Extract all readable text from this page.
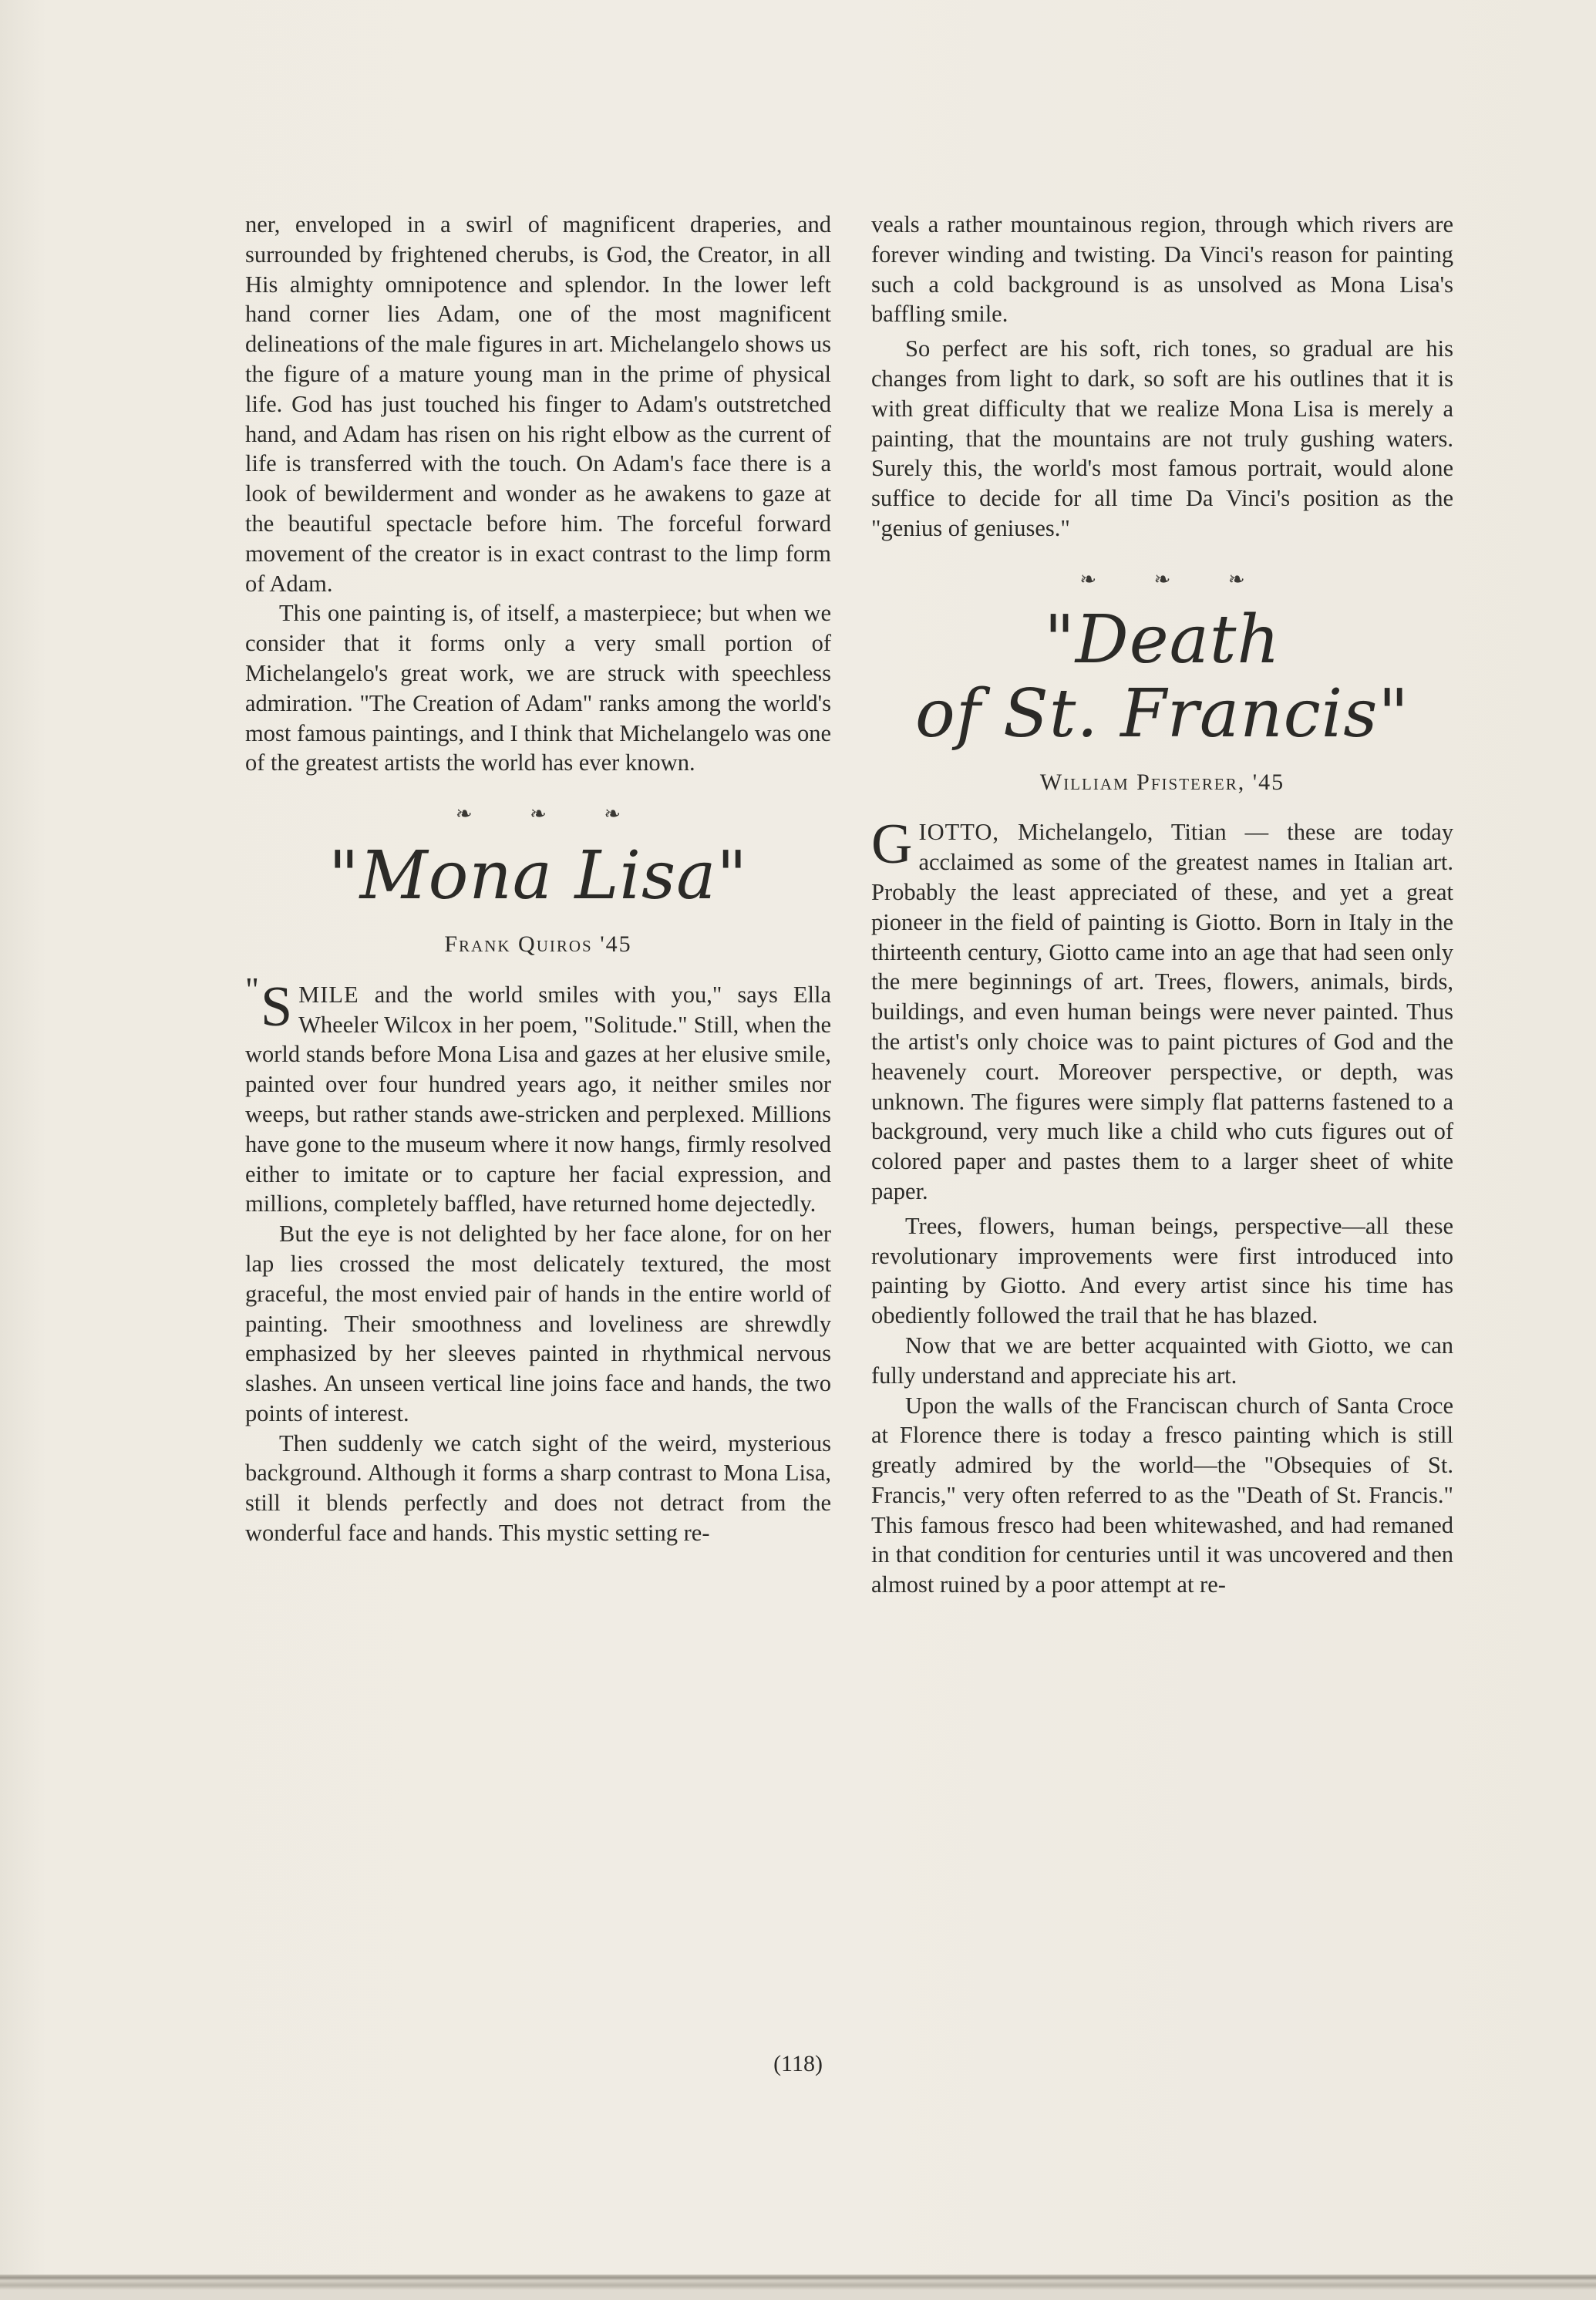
ner, enveloped in a swirl of magnificent draperies, and surrounded by frightened cherubs, is God, the Creator, in all His almighty omnipotence and splendor. In the lower left hand corner lies Adam, one of the most magnificent delineations of the male figures in art. Michelangelo shows us the figure of a mature young man in the prime of physical life. God has just touched his finger to Adam's outstretched hand, and Adam has risen on his right elbow as the current of life is transferred with the touch. On Adam's face there is a look of bewilderment and wonder as he awakens to gaze at the beautiful spectacle before him. The forceful forward movement of the creator is in exact contrast to the limp form of Adam.

This one painting is, of itself, a masterpiece; but when we consider that it forms only a very small portion of Michelangelo's great work, we are struck with speechless admiration. "The Creation of Adam" ranks among the world's most famous paintings, and I think that Michelangelo was one of the greatest artists the world has ever known.

❧ ❧ ❧
"Mona Lisa"
Frank Quiros '45

" S MILE and the world smiles with you," says Ella Wheeler Wilcox in her poem, "Solitude." Still, when the world stands before Mona Lisa and gazes at her elusive smile, painted over four hundred years ago, it neither smiles nor weeps, but rather stands awe-stricken and perplexed. Millions have gone to the museum where it now hangs, firmly resolved either to imitate or to capture her facial expression, and millions, completely baffled, have returned home dejectedly.

But the eye is not delighted by her face alone, for on her lap lies crossed the most delicately textured, the most graceful, the most envied pair of hands in the entire world of painting. Their smoothness and loveliness are shrewdly emphasized by her sleeves painted in rhythmical nervous slashes. An unseen vertical line joins face and hands, the two points of interest.

Then suddenly we catch sight of the weird, mysterious background. Although it forms a sharp contrast to Mona Lisa, still it blends perfectly and does not detract from the wonderful face and hands. This mystic setting re-

veals a rather mountainous region, through which rivers are forever winding and twisting. Da Vinci's reason for painting such a cold background is as unsolved as Mona Lisa's baffling smile.

So perfect are his soft, rich tones, so gradual are his changes from light to dark, so soft are his outlines that it is with great difficulty that we realize Mona Lisa is merely a painting, that the mountains are not truly gushing waters. Surely this, the world's most famous portrait, would alone suffice to decide for all time Da Vinci's position as the "genius of geniuses."

❧ ❧ ❧
"Death
of St. Francis"
William Pfisterer, '45

GIOTTO, Michelangelo, Titian — these are today acclaimed as some of the greatest names in Italian art. Probably the least appreciated of these, and yet a great pioneer in the field of painting is Giotto. Born in Italy in the thirteenth century, Giotto came into an age that had seen only the mere beginnings of art. Trees, flowers, animals, birds, buildings, and even human beings were never painted. Thus the artist's only choice was to paint pictures of God and the heavenely court. Moreover perspective, or depth, was unknown. The figures were simply flat patterns fastened to a background, very much like a child who cuts figures out of colored paper and pastes them to a larger sheet of white paper.

Trees, flowers, human beings, perspective—all these revolutionary improvements were first introduced into painting by Giotto. And every artist since his time has obediently followed the trail that he has blazed.

Now that we are better acquainted with Giotto, we can fully understand and appreciate his art.

Upon the walls of the Franciscan church of Santa Croce at Florence there is today a fresco painting which is still greatly admired by the world—the "Obsequies of St. Francis," very often referred to as the "Death of St. Francis." This famous fresco had been whitewashed, and had remaned in that condition for centuries until it was uncovered and then almost ruined by a poor attempt at re-

(118)
